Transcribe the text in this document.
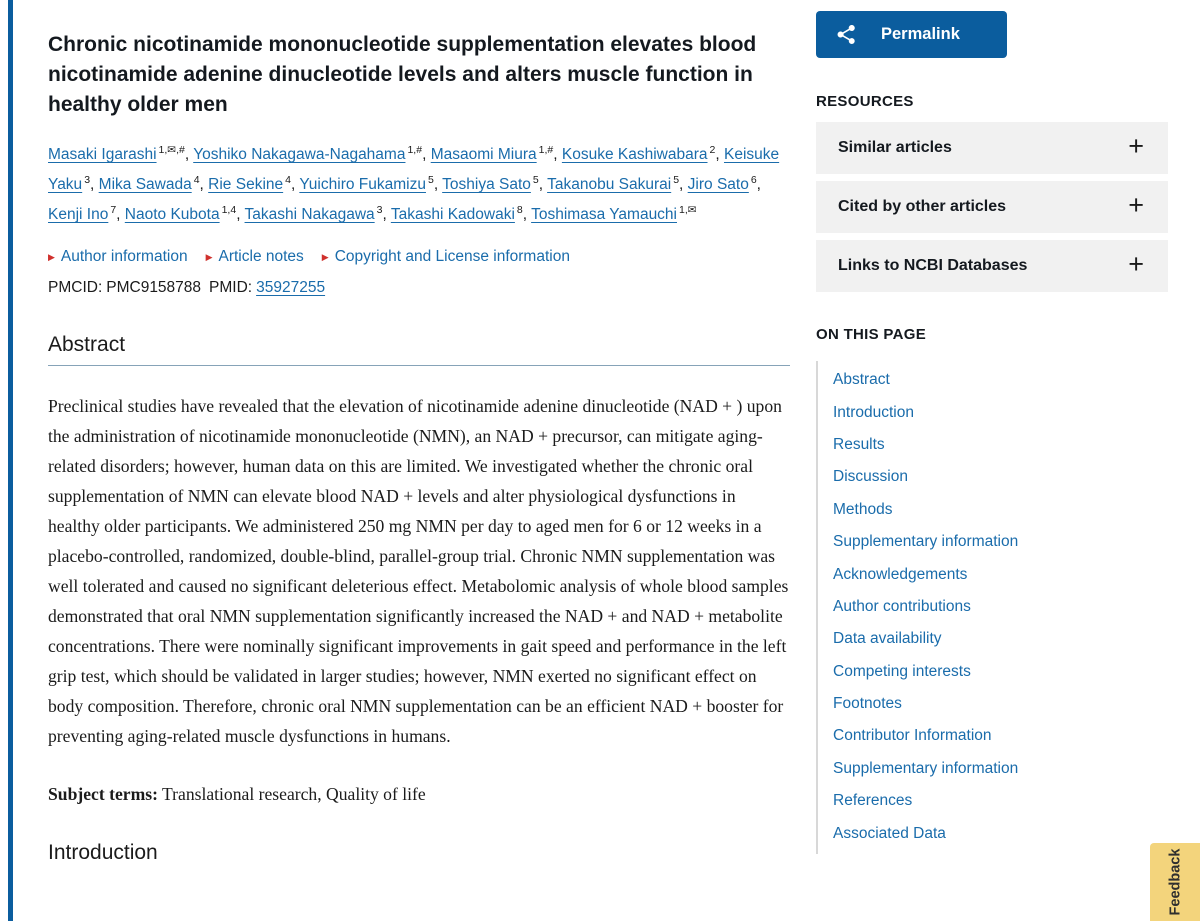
Chronic nicotinamide mononucleotide supplementation elevates blood nicotinamide adenine dinucleotide levels and alters muscle function in healthy older men

Masaki Igarashi $^{1,✉,\#}$, Yoshiko Nakagawa-Nagahama $^{1,\#}$, Masaomi Miura $^{1,\#}$, Kosuke Kashiwabara $^2$, Keisuke Yaku $^3$, Mika Sawada $^4$, Rie Sekine $^4$, Yuichiro Fukamizu $^5$, Toshiya Sato $^5$, Takanobu Sakurai $^5$, Jiro Sato $^6$, Kenji Ino $^7$, Naoto Kubota $^{1,4}$, Takashi Nakagawa $^3$, Takashi Kadowaki $^8$, Toshimasa Yamauchi $^{1,✉}$

▶ Author information ▶ Article notes ▶ Copyright and License information

PMCID: PMC9158788 PMID: 35927255

Abstract

Preclinical studies have revealed that the elevation of nicotinamide adenine dinucleotide (NAD + ) upon the administration of nicotinamide mononucleotide (NMN), an NAD + precursor, can mitigate aging-related disorders; however, human data on this are limited. We investigated whether the chronic oral supplementation of NMN can elevate blood NAD + levels and alter physiological dysfunctions in healthy older participants. We administered 250 mg NMN per day to aged men for 6 or 12 weeks in a placebo-controlled, randomized, double-blind, parallel-group trial. Chronic NMN supplementation was well tolerated and caused no significant deleterious effect. Metabolomic analysis of whole blood samples demonstrated that oral NMN supplementation significantly increased the NAD + and NAD + metabolite concentrations. There were nominally significant improvements in gait speed and performance in the left grip test, which should be validated in larger studies; however, NMN exerted no significant effect on body composition. Therefore, chronic oral NMN supplementation can be an efficient NAD + booster for preventing aging-related muscle dysfunctions in humans.

Subject terms: Translational research, Quality of life

Introduction
Permalink
RESOURCES
Similar articles	+
Cited by other articles	+
Links to NCBI Databases	+
ON THIS PAGE
Abstract
Introduction
Results
Discussion
Methods
Supplementary information
Acknowledgements
Author contributions
Data availability
Competing interests
Footnotes
Contributor Information
Supplementary information
References
Associated Data
Feedback
